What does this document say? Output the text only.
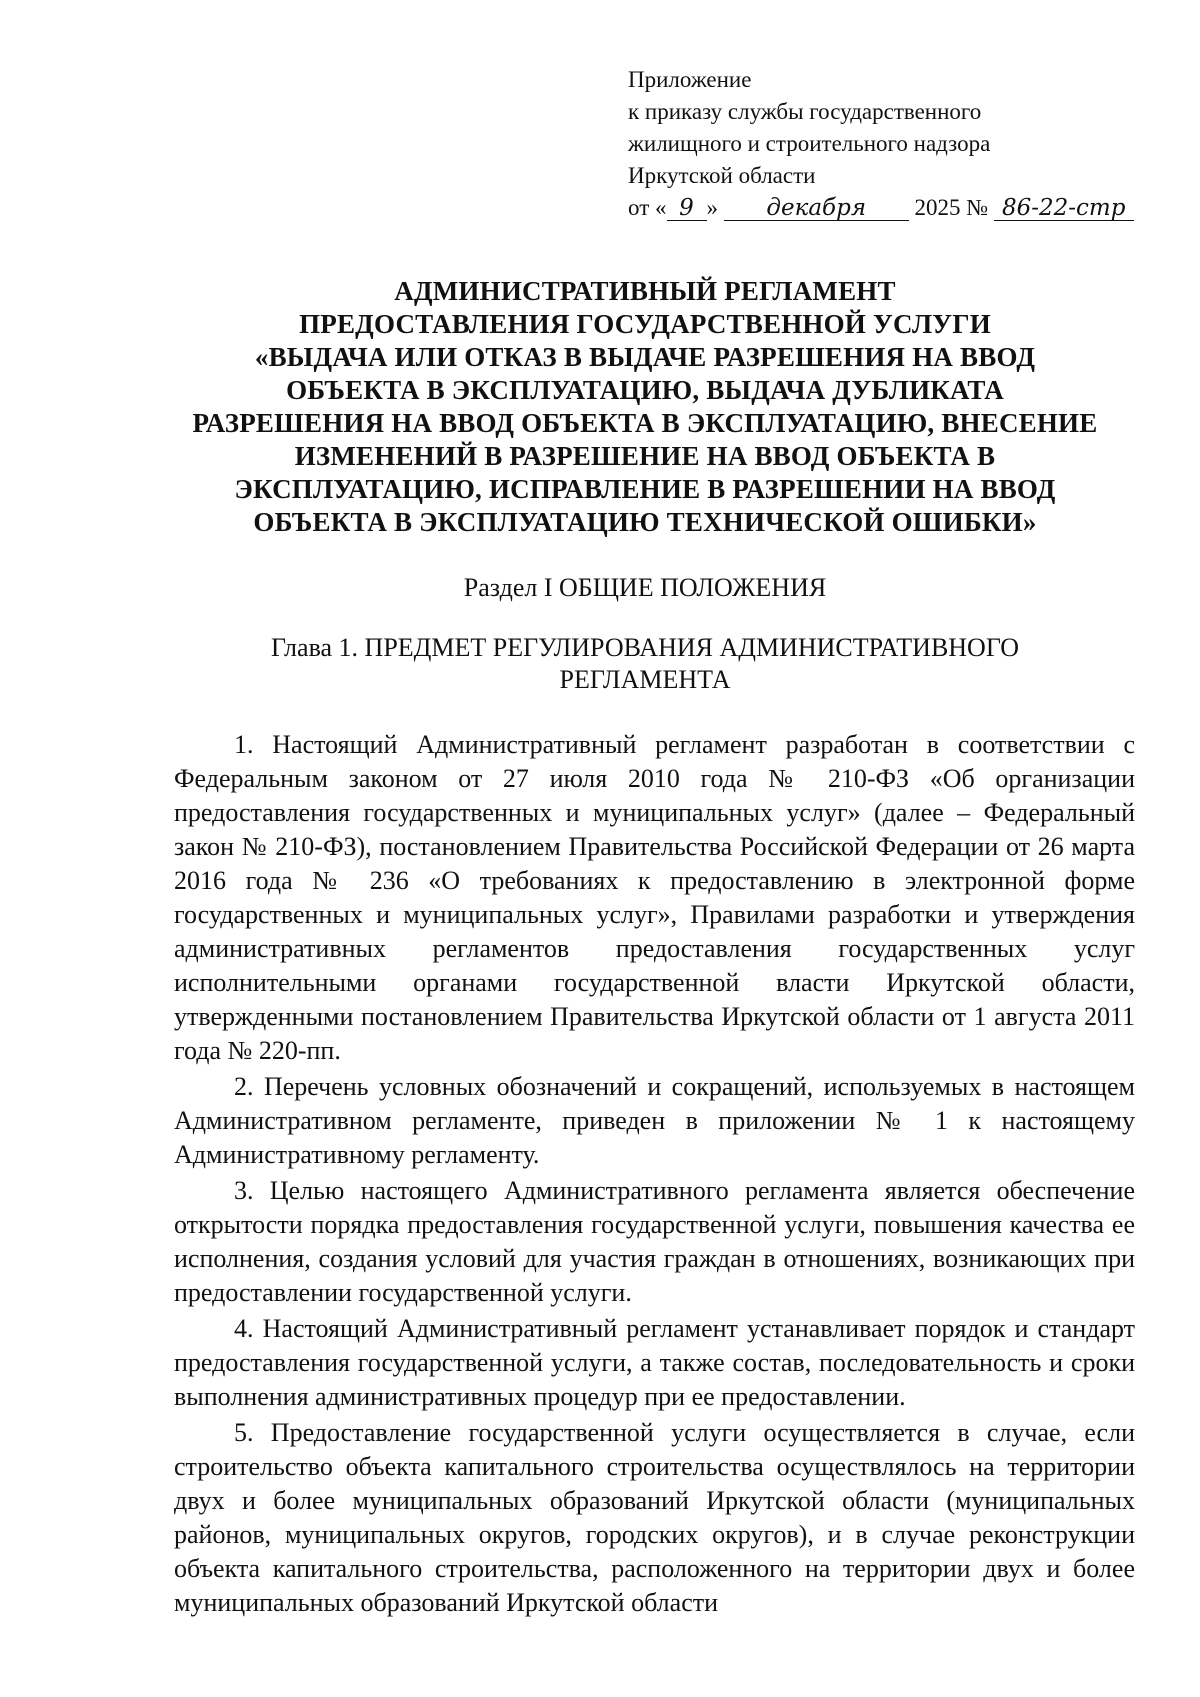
Приложение
к приказу службы государственного
жилищного и строительного надзора
Иркутской области
от « 9 » декабря 2025 № 86-22-стр
АДМИНИСТРАТИВНЫЙ РЕГЛАМЕНТ
ПРЕДОСТАВЛЕНИЯ ГОСУДАРСТВЕННОЙ УСЛУГИ
«ВЫДАЧА ИЛИ ОТКАЗ В ВЫДАЧЕ РАЗРЕШЕНИЯ НА ВВОД
ОБЪЕКТА В ЭКСПЛУАТАЦИЮ, ВЫДАЧА ДУБЛИКАТА
РАЗРЕШЕНИЯ НА ВВОД ОБЪЕКТА В ЭКСПЛУАТАЦИЮ, ВНЕСЕНИЕ
ИЗМЕНЕНИЙ В РАЗРЕШЕНИЕ НА ВВОД ОБЪЕКТА В
ЭКСПЛУАТАЦИЮ, ИСПРАВЛЕНИЕ В РАЗРЕШЕНИИ НА ВВОД
ОБЪЕКТА В ЭКСПЛУАТАЦИЮ ТЕХНИЧЕСКОЙ ОШИБКИ»
Раздел I ОБЩИЕ ПОЛОЖЕНИЯ
Глава 1. ПРЕДМЕТ РЕГУЛИРОВАНИЯ АДМИНИСТРАТИВНОГО
РЕГЛАМЕНТА

1. Настоящий Административный регламент разработан в соответствии с Федеральным законом от 27 июля 2010 года № 210-ФЗ «Об организации предоставления государственных и муниципальных услуг» (далее – Федеральный закон № 210-ФЗ), постановлением Правительства Российской Федерации от 26 марта 2016 года № 236 «О требованиях к предоставлению в электронной форме государственных и муниципальных услуг», Правилами разработки и утверждения административных регламентов предоставления государственных услуг исполнительными органами государственной власти Иркутской области, утвержденными постановлением Правительства Иркутской области от 1 августа 2011 года № 220-пп.

2. Перечень условных обозначений и сокращений, используемых в настоящем Административном регламенте, приведен в приложении № 1 к настоящему Административному регламенту.

3. Целью настоящего Административного регламента является обеспечение открытости порядка предоставления государственной услуги, повышения качества ее исполнения, создания условий для участия граждан в отношениях, возникающих при предоставлении государственной услуги.

4. Настоящий Административный регламент устанавливает порядок и стандарт предоставления государственной услуги, а также состав, последовательность и сроки выполнения административных процедур при ее предоставлении.

5. Предоставление государственной услуги осуществляется в случае, если строительство объекта капитального строительства осуществлялось на территории двух и более муниципальных образований Иркутской области (муниципальных районов, муниципальных округов, городских округов), и в случае реконструкции объекта капитального строительства, расположенного на территории двух и более муниципальных образований Иркутской области
